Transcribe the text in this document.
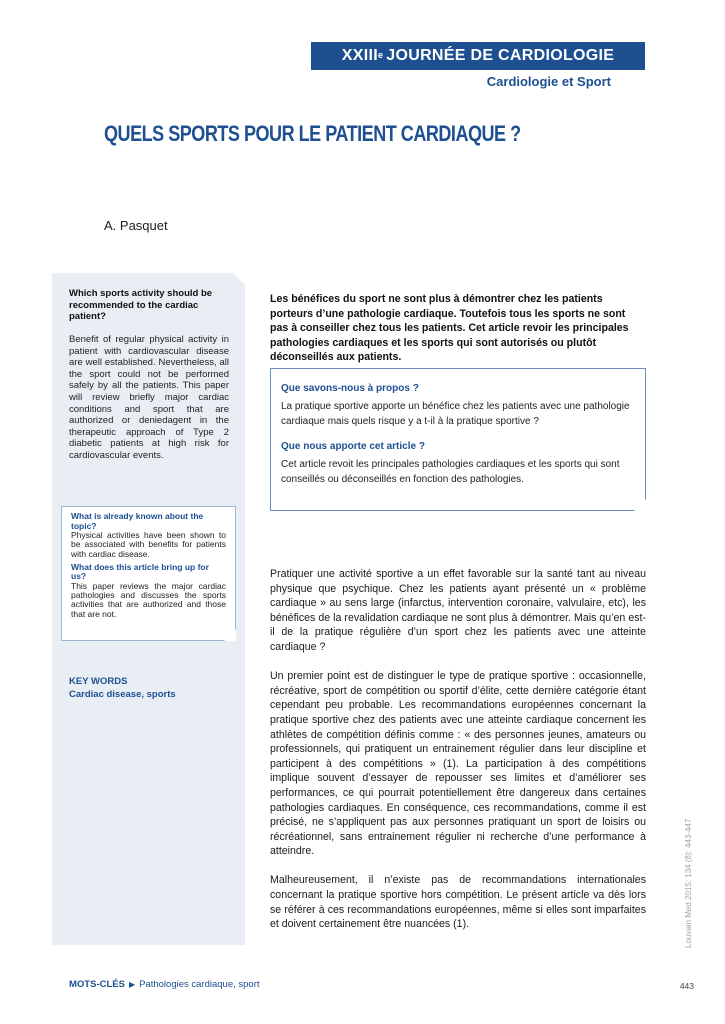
XXIIIe JOURNÉE DE CARDIOLOGIE
Cardiologie et Sport
QUELS SPORTS POUR LE PATIENT CARDIAQUE ?
A. Pasquet
Which sports activity should be recommended to the cardiac patient?
Benefit of regular physical activity in patient with cardiovascular disease are well established. Nevertheless, all the sport could not be performed safely by all the patients. This paper will review briefly major cardiac conditions and sport that are authorized or deniedagent in the therapeutic approach of Type 2 diabetic patients at high risk for cardiovascular events.
What is already known about the topic?
Physical activities have been shown to be associated with benefits for patients with cardiac disease.
What does this article bring up for us?
This paper reviews the major cardiac pathologies and discusses the sports activities that are authorized and those that are not.
KEY WORDS
Cardiac disease, sports
Les bénéfices du sport ne sont plus à démontrer chez les patients porteurs d’une pathologie cardiaque. Toutefois tous les sports ne sont pas à conseiller chez tous les patients. Cet article revoir les principales pathologies cardiaques et les sports qui sont autorisés ou plutôt déconseillés aux patients.
Que savons-nous à propos ?
La pratique sportive apporte un bénéfice chez les patients avec une pathologie cardiaque mais quels risque y a t-il à la pratique sportive ?
Que nous apporte cet article ?
Cet article revoit les principales pathologies cardiaques et les sports qui sont conseillés ou déconseillés en fonction des pathologies.

Pratiquer une activité sportive a un effet favorable sur la santé tant au niveau physique que psychique. Chez les patients ayant présenté un « problème cardiaque » au sens large (infarctus, intervention coronaire, valvulaire, etc), les bénéfices de la revalidation cardiaque ne sont plus à démontrer. Mais qu’en est-il de la pratique régulière d’un sport chez les patients avec une atteinte cardiaque ?

Un premier point est de distinguer le type de pratique sportive : occasionnelle, récréative, sport de compétition ou sportif d’élite, cette dernière catégorie étant cependant peu probable. Les recommandations européennes concernant la pratique sportive chez des patients avec une atteinte cardiaque concernent les athlètes de compétition définis comme : « des personnes jeunes, amateurs ou professionnels, qui pratiquent un entrainement régulier dans leur discipline et participent à des compétitions » (1). La participation à des compétitions implique souvent d’essayer de repousser ses limites et d’améliorer ses performances, ce qui pourrait potentiellement être dangereux dans certaines pathologies cardiaques. En conséquence, ces recommandations, comme il est précisé, ne s’appliquent pas aux personnes pratiquant un sport de loisirs ou récréationnel, sans entrainement régulier ni recherche d’une performance à atteindre.

Malheureusement, il n’existe pas de recommandations internationales concernant la pratique sportive hors compétition. Le présent article va dès lors se référer à ces recommandations européennes, même si elles sont imparfaites et doivent certainement être nuancées (1).	Louvain Med 2015; 134 (8): 443-447
MOTS-CLÉS ▶ Pathologies cardiaque, sport	443
